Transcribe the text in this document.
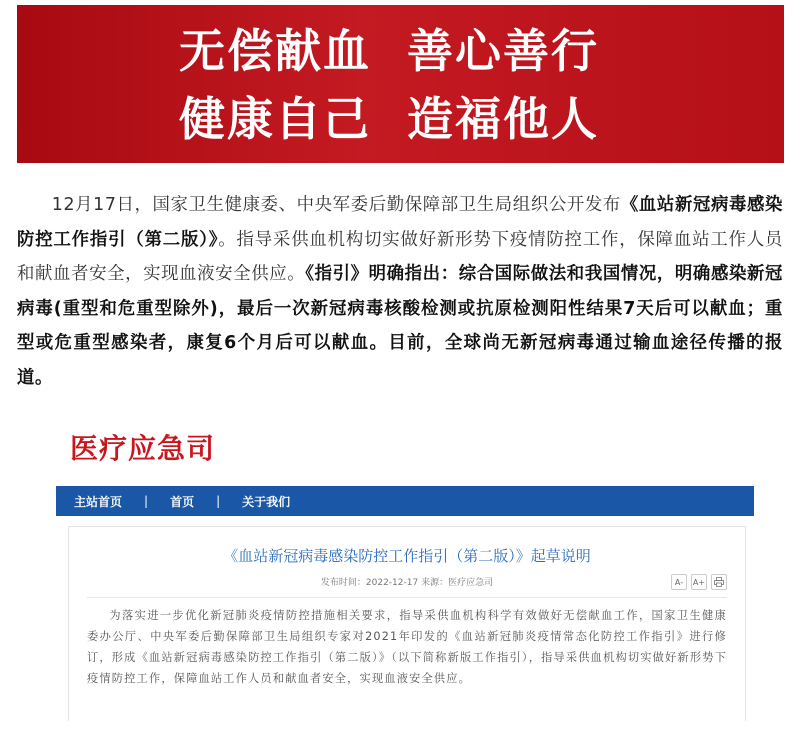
无偿献血 善心善行
健康自己 造福他人
12月17日，国家卫生健康委、中央军委后勤保障部卫生局组织公开发布《血站新冠病毒感染防控工作指引（第二版）》。指导采供血机构切实做好新形势下疫情防控工作，保障血站工作人员和献血者安全，实现血液安全供应。《指引》明确指出：综合国际做法和我国情况，明确感染新冠病毒(重型和危重型除外)，最后一次新冠病毒核酸检测或抗原检测阳性结果7天后可以献血；重型或危重型感染者，康复6个月后可以献血。目前，全球尚无新冠病毒通过输血途径传播的报道。
医疗应急司
主站首页	|	首页	|	关于我们
《血站新冠病毒感染防控工作指引（第二版）》起草说明
发布时间：2022-12-17 来源：医疗应急司	A-	A+
为落实进一步优化新冠肺炎疫情防控措施相关要求，指导采供血机构科学有效做好无偿献血工作，国家卫生健康委办公厅、中央军委后勤保障部卫生局组织专家对2021年印发的《血站新冠肺炎疫情常态化防控工作指引》进行修订，形成《血站新冠病毒感染防控工作指引（第二版）》（以下简称新版工作指引），指导采供血机构切实做好新形势下疫情防控工作，保障血站工作人员和献血者安全，实现血液安全供应。
